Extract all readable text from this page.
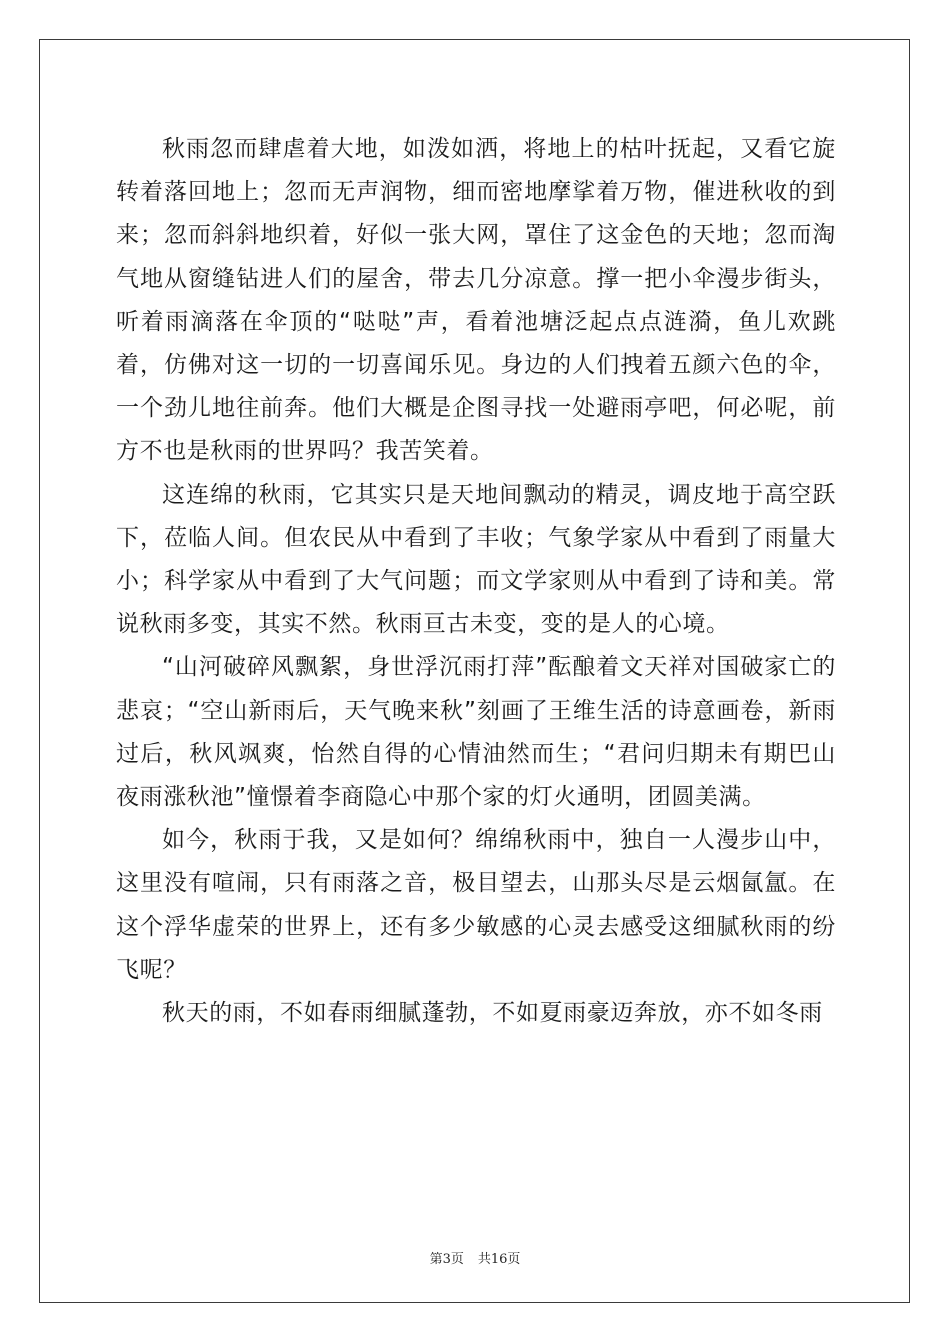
秋雨忽而肆虐着大地，如泼如洒，将地上的枯叶抚起，又看它旋转着落回地上；忽而无声润物，细而密地摩挲着万物，催进秋收的到来；忽而斜斜地织着，好似一张大网，罩住了这金色的天地；忽而淘气地从窗缝钻进人们的屋舍，带去几分凉意。撑一把小伞漫步街头，听着雨滴落在伞顶的“哒哒”声，看着池塘泛起点点涟漪，鱼儿欢跳着，仿佛对这一切的一切喜闻乐见。身边的人们拽着五颜六色的伞，一个劲儿地往前奔。他们大概是企图寻找一处避雨亭吧，何必呢，前方不也是秋雨的世界吗？我苦笑着。

这连绵的秋雨，它其实只是天地间飘动的精灵，调皮地于高空跃下，莅临人间。但农民从中看到了丰收；气象学家从中看到了雨量大小；科学家从中看到了大气问题；而文学家则从中看到了诗和美。常说秋雨多变，其实不然。秋雨亘古未变，变的是人的心境。

“山河破碎风飘絮，身世浮沉雨打萍”酝酿着文天祥对国破家亡的悲哀；“空山新雨后，天气晚来秋”刻画了王维生活的诗意画卷，新雨过后，秋风飒爽，怡然自得的心情油然而生；“君问归期未有期巴山夜雨涨秋池”憧憬着李商隐心中那个家的灯火通明，团圆美满。

如今，秋雨于我，又是如何？绵绵秋雨中，独自一人漫步山中，这里没有喧闹，只有雨落之音，极目望去，山那头尽是云烟氤氲。在这个浮华虚荣的世界上，还有多少敏感的心灵去感受这细腻秋雨的纷飞呢？

秋天的雨，不如春雨细腻蓬勃，不如夏雨豪迈奔放，亦不如冬雨

第3页 共16页
